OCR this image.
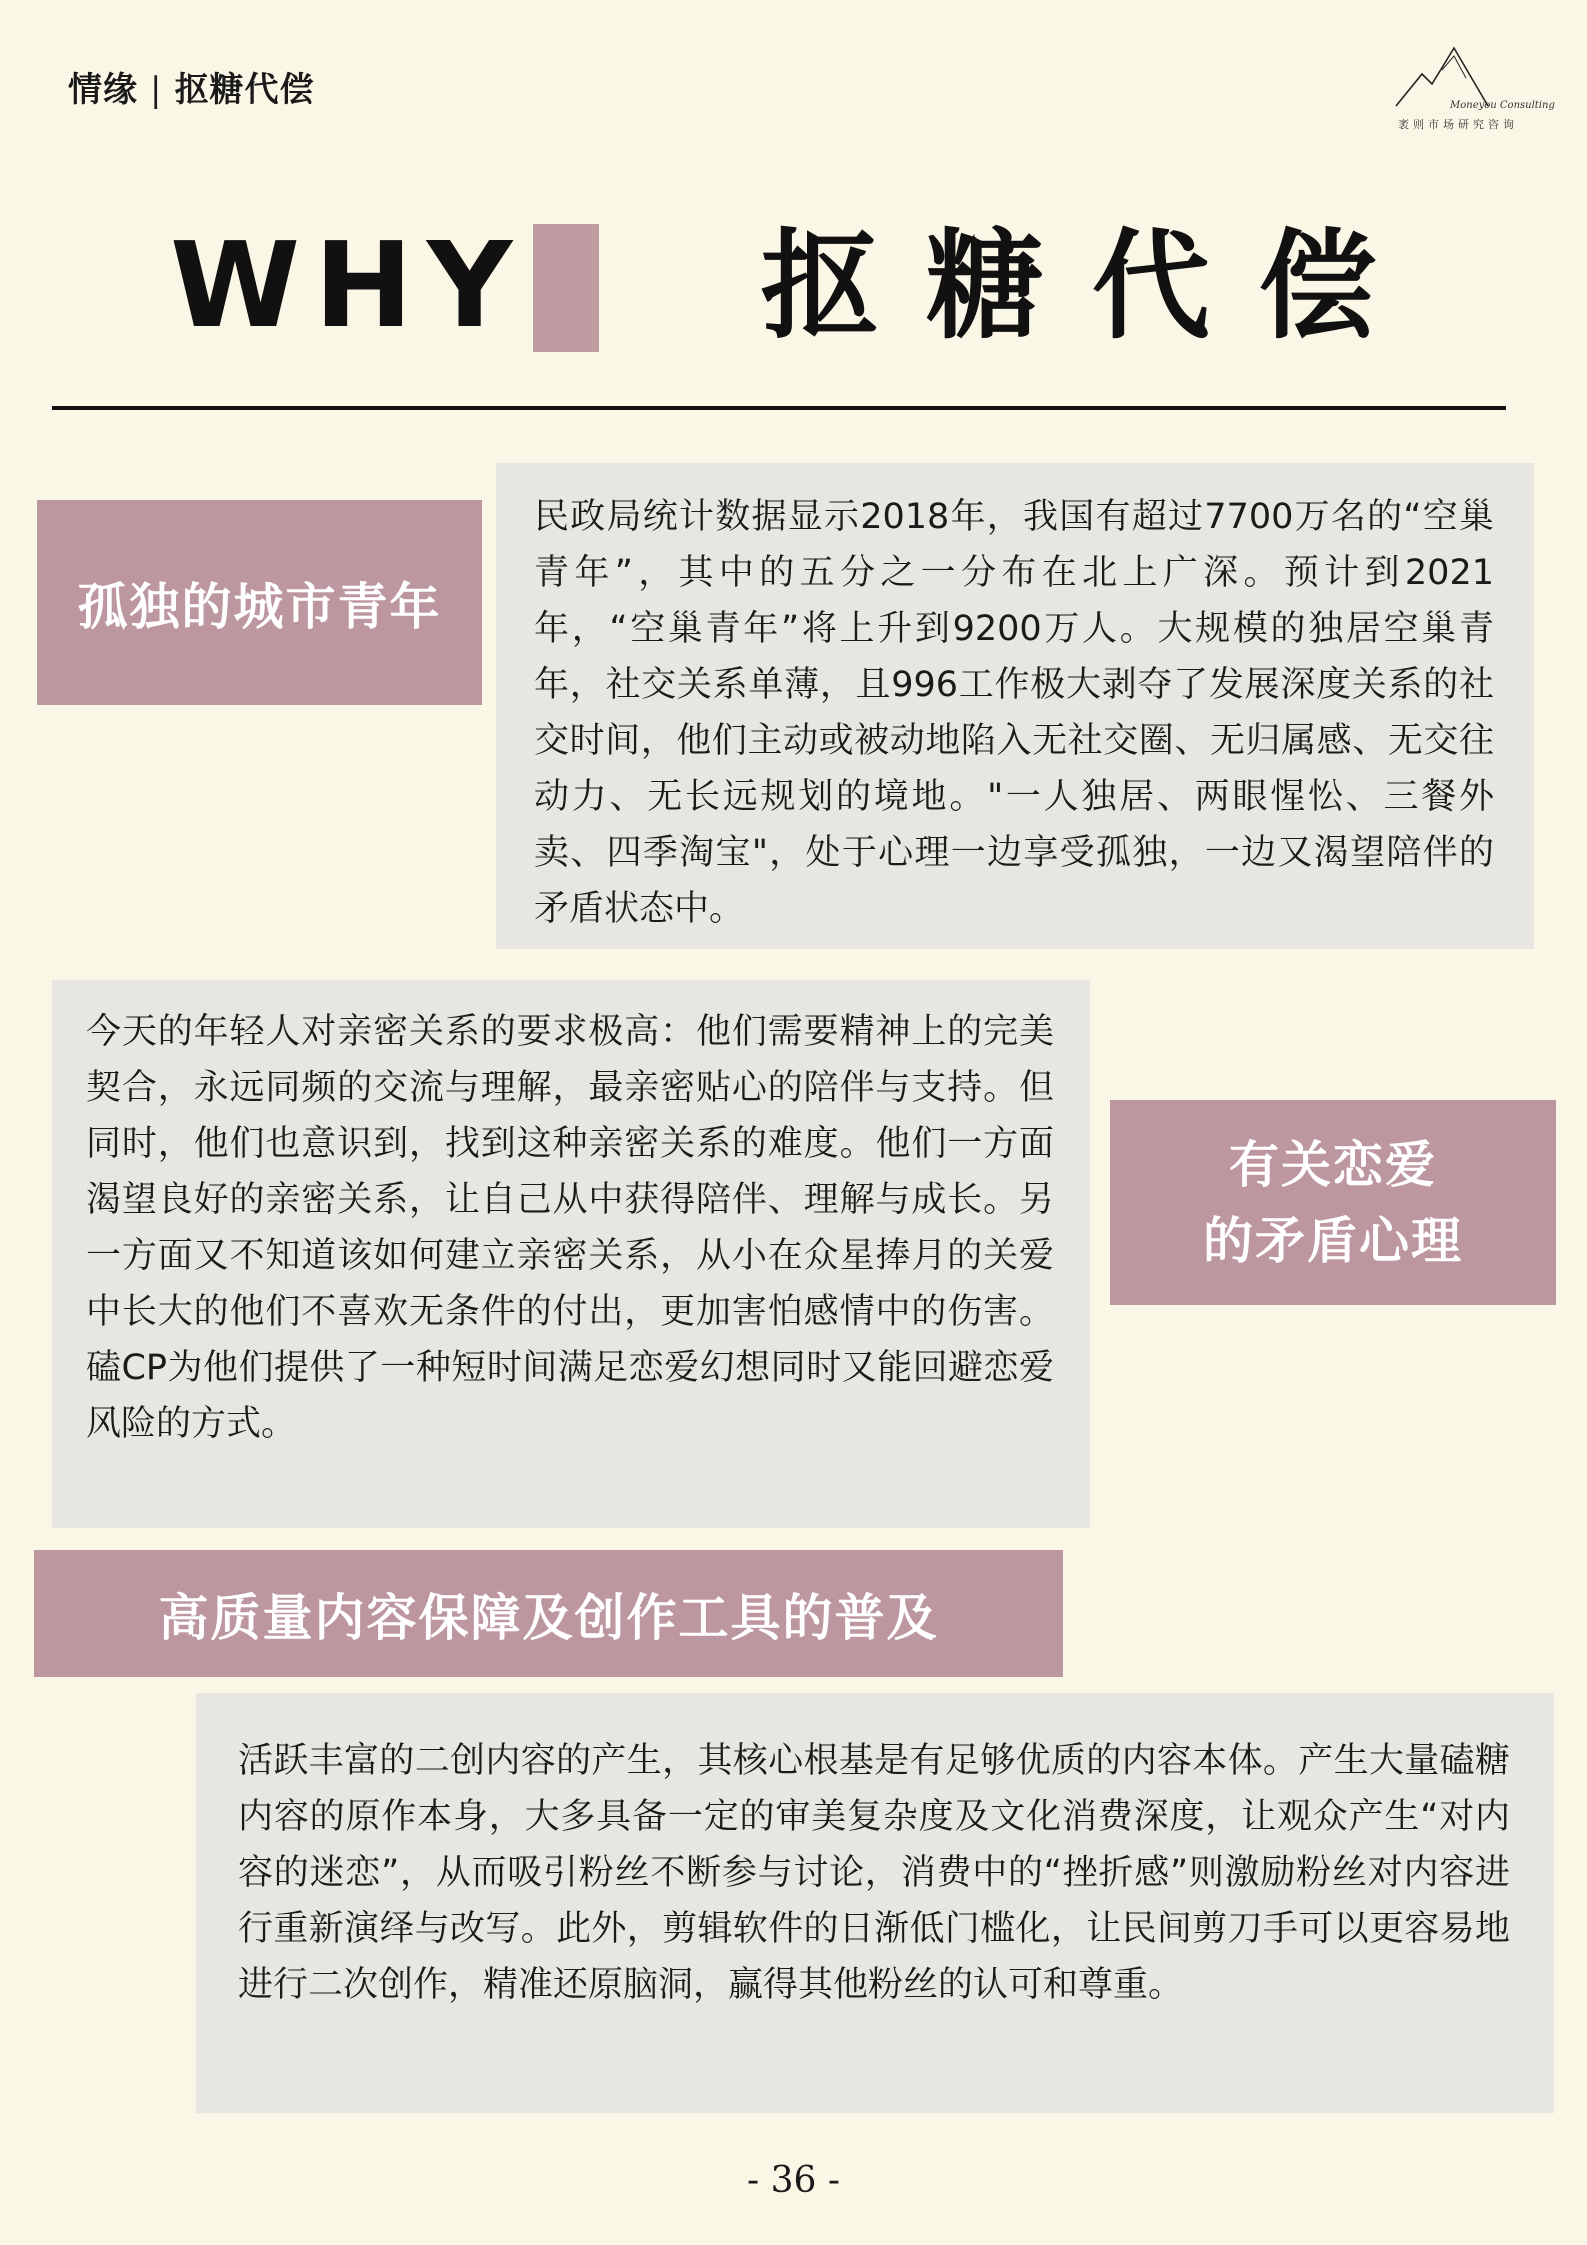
情缘 | 抠糖代偿	Moneyou Consulting
袤则市场研究咨询
WHY 抠糖代偿
孤独的城市青年
民政局统计数据显示2018年，我国有超过7700万名的“空巢青年”，其中的五分之一分布在北上广深。预计到2021年，“空巢青年”将上升到9200万人。大规模的独居空巢青年，社交关系单薄，且996工作极大剥夺了发展深度关系的社交时间，他们主动或被动地陷入无社交圈、无归属感、无交往动力、无长远规划的境地。"一人独居、两眼惺忪、三餐外卖、四季淘宝"，处于心理一边享受孤独，一边又渴望陪伴的矛盾状态中。
今天的年轻人对亲密关系的要求极高：他们需要精神上的完美契合，永远同频的交流与理解，最亲密贴心的陪伴与支持。但同时，他们也意识到，找到这种亲密关系的难度。他们一方面渴望良好的亲密关系，让自己从中获得陪伴、理解与成长。另一方面又不知道该如何建立亲密关系，从小在众星捧月的关爱中长大的他们不喜欢无条件的付出，更加害怕感情中的伤害。磕CP为他们提供了一种短时间满足恋爱幻想同时又能回避恋爱风险的方式。
有关恋爱
的矛盾心理
高质量内容保障及创作工具的普及
活跃丰富的二创内容的产生，其核心根基是有足够优质的内容本体。产生大量磕糖内容的原作本身，大多具备一定的审美复杂度及文化消费深度，让观众产生“对内容的迷恋”，从而吸引粉丝不断参与讨论，消费中的“挫折感”则激励粉丝对内容进行重新演绎与改写。此外，剪辑软件的日渐低门槛化，让民间剪刀手可以更容易地进行二次创作，精准还原脑洞，赢得其他粉丝的认可和尊重。
- 36 -
